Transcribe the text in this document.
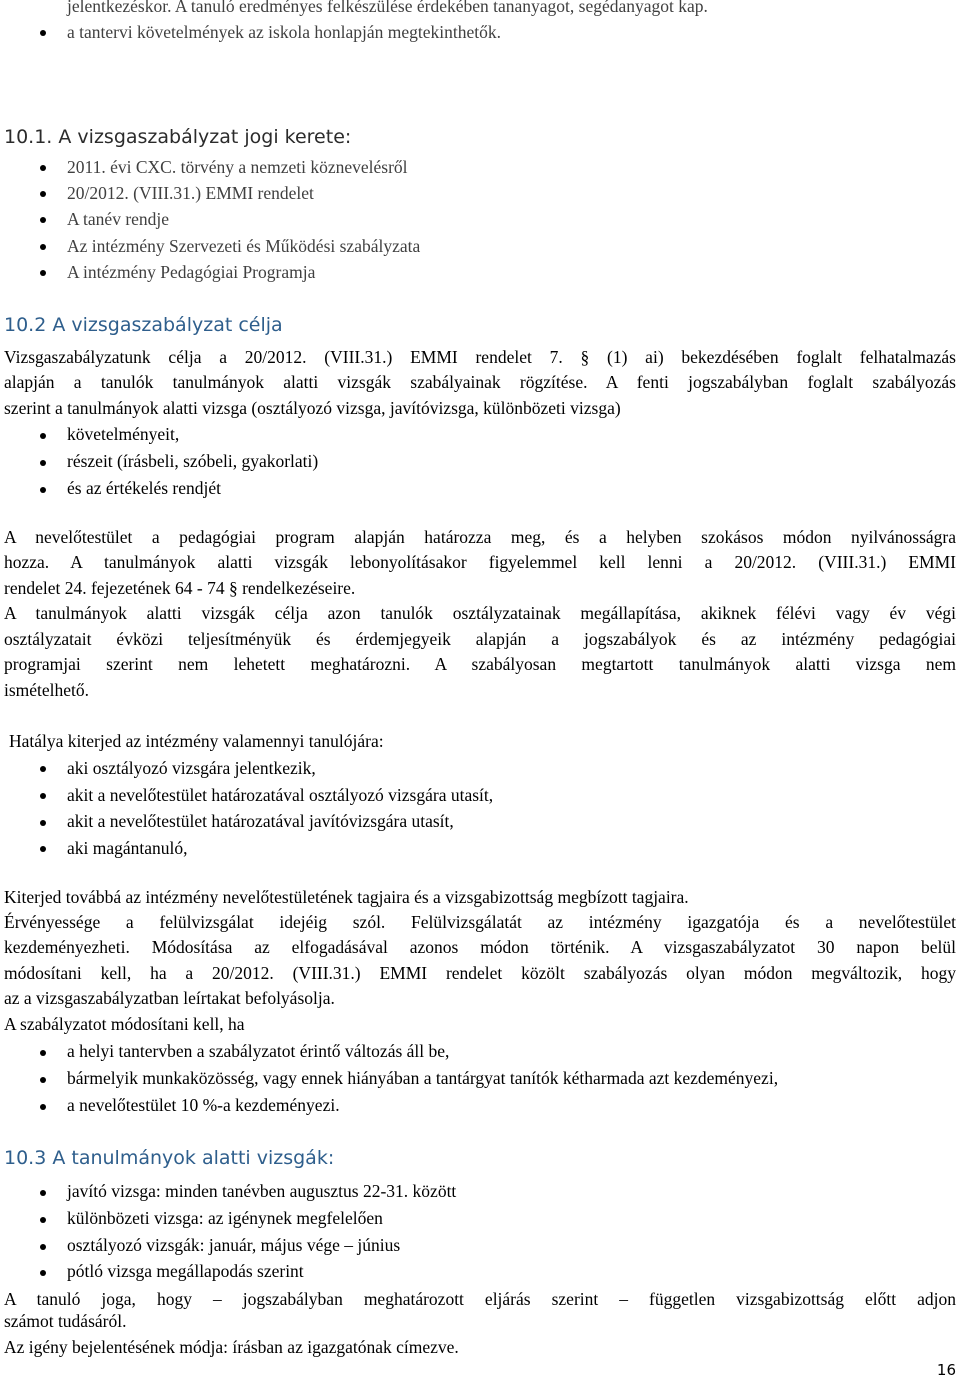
jelentkezéskor. A tanuló eredményes felkészülése érdekében tananyagot, segédanyagot kap.
a tantervi követelmények az iskola honlapján megtekinthetők.
10.1. A vizsgaszabályzat jogi kerete:
2011. évi CXC. törvény a nemzeti köznevelésről
20/2012. (VIII.31.) EMMI rendelet
A tanév rendje
Az intézmény Szervezeti és Működési szabályzata
A intézmény Pedagógiai Programja
10.2 A vizsgaszabályzat célja
Vizsgaszabályzatunk célja a 20/2012. (VIII.31.) EMMI rendelet 7. § (1) ai) bekezdésében foglalt felhatalmazás
alapján a tanulók tanulmányok alatti vizsgák szabályainak rögzítése. A fenti jogszabályban foglalt szabályozás
szerint a tanulmányok alatti vizsga (osztályozó vizsga, javítóvizsga, különbözeti vizsga)
követelményeit,
részeit (írásbeli, szóbeli, gyakorlati)
és az értékelés rendjét
A nevelőtestület a pedagógiai program alapján határozza meg, és a helyben szokásos módon nyilvánosságra
hozza. A tanulmányok alatti vizsgák lebonyolításakor figyelemmel kell lenni a 20/2012. (VIII.31.) EMMI
rendelet 24. fejezetének 64 - 74 § rendelkezéseire.
A tanulmányok alatti vizsgák célja azon tanulók osztályzatainak megállapítása, akiknek félévi vagy év végi
osztályzatait évközi teljesítményük és érdemjegyeik alapján a jogszabályok és az intézmény pedagógiai
programjai szerint nem lehetett meghatározni. A szabályosan megtartott tanulmányok alatti vizsga nem
ismételhető.
Hatálya kiterjed az intézmény valamennyi tanulójára:
aki osztályozó vizsgára jelentkezik,
akit a nevelőtestület határozatával osztályozó vizsgára utasít,
akit a nevelőtestület határozatával javítóvizsgára utasít,
aki magántanuló,
Kiterjed továbbá az intézmény nevelőtestületének tagjaira és a vizsgabizottság megbízott tagjaira.
Érvényessége a felülvizsgálat idejéig szól. Felülvizsgálatát az intézmény igazgatója és a nevelőtestület
kezdeményezheti. Módosítása az elfogadásával azonos módon történik. A vizsgaszabályzatot 30 napon belül
módosítani kell, ha a 20/2012. (VIII.31.) EMMI rendelet közölt szabályozás olyan módon megváltozik, hogy
az a vizsgaszabályzatban leírtakat befolyásolja.
A szabályzatot módosítani kell, ha
a helyi tantervben a szabályzatot érintő változás áll be,
bármelyik munkaközösség, vagy ennek hiányában a tantárgyat tanítók kétharmada azt kezdeményezi,
a nevelőtestület 10 %-a kezdeményezi.
10.3 A tanulmányok alatti vizsgák:
javító vizsga: minden tanévben augusztus 22-31. között
különbözeti vizsga: az igénynek megfelelően
osztályozó vizsgák: január, május vége – június
pótló vizsga megállapodás szerint
A tanuló joga, hogy – jogszabályban meghatározott eljárás szerint – független vizsgabizottság előtt adjon
számot tudásáról.
Az igény bejelentésének módja: írásban az igazgatónak címezve.
16
